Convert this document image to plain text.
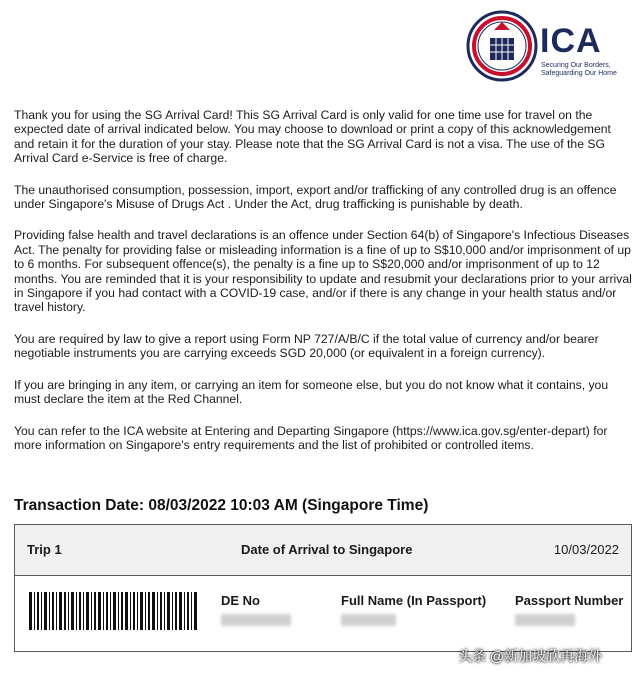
ICA
Securing Our Borders, Safeguarding Our Home

Thank you for using the SG Arrival Card! This SG Arrival Card is only valid for one time use for travel on the expected date of arrival indicated below. You may choose to download or print a copy of this acknowledgement and retain it for the duration of your stay. Please note that the SG Arrival Card is not a visa. The use of the SG Arrival Card e-Service is free of charge.

The unauthorised consumption, possession, import, export and/or trafficking of any controlled drug is an offence under Singapore's Misuse of Drugs Act . Under the Act, drug trafficking is punishable by death.

Providing false health and travel declarations is an offence under Section 64(b) of Singapore's Infectious Diseases Act. The penalty for providing false or misleading information is a fine of up to S$10,000 and/or imprisonment of up to 6 months. For subsequent offence(s), the penalty is a fine up to S$20,000 and/or imprisonment of up to 12 months. You are reminded that it is your responsibility to update and resubmit your declarations prior to your arrival in Singapore if you had contact with a COVID-19 case, and/or if there is any change in your health status and/or travel history.

You are required by law to give a report using Form NP 727/A/B/C if the total value of currency and/or bearer negotiable instruments you are carrying exceeds SGD 20,000 (or equivalent in a foreign currency).

If you are bringing in any item, or carrying an item for someone else, but you do not know what it contains, you must declare the item at the Red Channel.

You can refer to the ICA website at Entering and Departing Singapore (https://www.ica.gov.sg/enter-depart) for more information on Singapore's entry requirements and the list of prohibited or controlled items.

Transaction Date: 08/03/2022 10:03 AM (Singapore Time)
Trip 1	Date of Arrival to Singapore	10/03/2022
DE No	Full Name (In Passport) Passport Number
头条 @新加坡欣再海外
